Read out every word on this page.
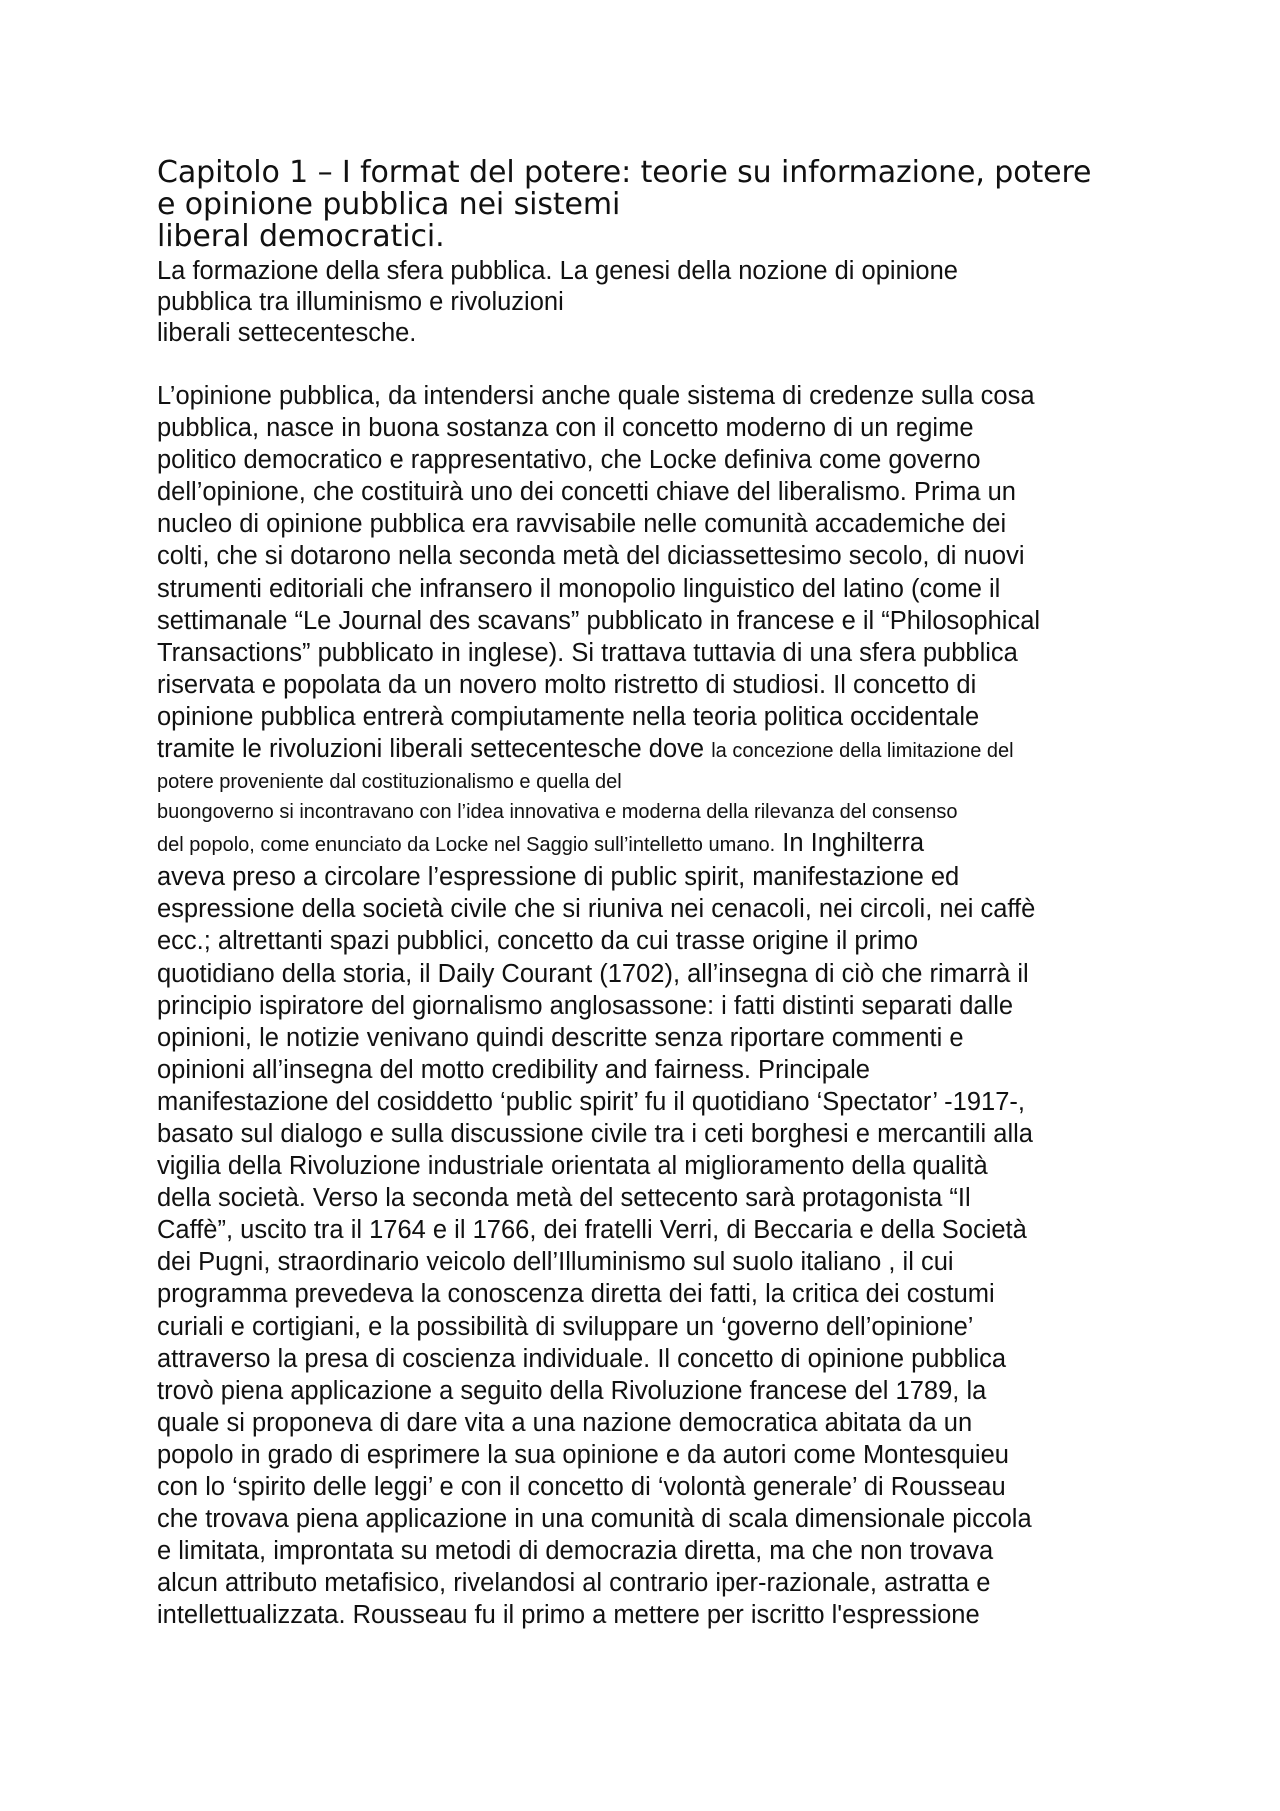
Capitolo 1 – I format del potere: teorie su informazione, potere
e opinione pubblica nei sistemi
liberal democratici.
La formazione della sfera pubblica. La genesi della nozione di opinione
pubblica tra illuminismo e rivoluzioni
liberali settecentesche.

L’opinione pubblica, da intendersi anche quale sistema di credenze sulla cosa
pubblica, nasce in buona sostanza con il concetto moderno di un regime
politico democratico e rappresentativo, che Locke definiva come governo
dell’opinione, che costituirà uno dei concetti chiave del liberalismo. Prima un
nucleo di opinione pubblica era ravvisabile nelle comunità accademiche dei
colti, che si dotarono nella seconda metà del diciassettesimo secolo, di nuovi
strumenti editoriali che infransero il monopolio linguistico del latino (come il
settimanale “Le Journal des scavans” pubblicato in francese e il “Philosophical
Transactions” pubblicato in inglese). Si trattava tuttavia di una sfera pubblica
riservata e popolata da un novero molto ristretto di studiosi. Il concetto di
opinione pubblica entrerà compiutamente nella teoria politica occidentale
tramite le rivoluzioni liberali settecentesche dove la concezione della limitazione del
potere proveniente dal costituzionalismo e quella del
buongoverno si incontravano con l’idea innovativa e moderna della rilevanza del consenso
del popolo, come enunciato da Locke nel Saggio sull’intelletto umano. In Inghilterra
aveva preso a circolare l’espressione di public spirit, manifestazione ed
espressione della società civile che si riuniva nei cenacoli, nei circoli, nei caffè
ecc.; altrettanti spazi pubblici, concetto da cui trasse origine il primo
quotidiano della storia, il Daily Courant (1702), all’insegna di ciò che rimarrà il
principio ispiratore del giornalismo anglosassone: i fatti distinti separati dalle
opinioni, le notizie venivano quindi descritte senza riportare commenti e
opinioni all’insegna del motto credibility and fairness. Principale
manifestazione del cosiddetto ‘public spirit’ fu il quotidiano ‘Spectator’ -1917-,
basato sul dialogo e sulla discussione civile tra i ceti borghesi e mercantili alla
vigilia della Rivoluzione industriale orientata al miglioramento della qualità
della società. Verso la seconda metà del settecento sarà protagonista “Il
Caffè”, uscito tra il 1764 e il 1766, dei fratelli Verri, di Beccaria e della Società
dei Pugni, straordinario veicolo dell’Illuminismo sul suolo italiano , il cui
programma prevedeva la conoscenza diretta dei fatti, la critica dei costumi
curiali e cortigiani, e la possibilità di sviluppare un ‘governo dell’opinione’
attraverso la presa di coscienza individuale. Il concetto di opinione pubblica
trovò piena applicazione a seguito della Rivoluzione francese del 1789, la
quale si proponeva di dare vita a una nazione democratica abitata da un
popolo in grado di esprimere la sua opinione e da autori come Montesquieu
con lo ‘spirito delle leggi’ e con il concetto di ‘volontà generale’ di Rousseau
che trovava piena applicazione in una comunità di scala dimensionale piccola
e limitata, improntata su metodi di democrazia diretta, ma che non trovava
alcun attributo metafisico, rivelandosi al contrario iper-razionale, astratta e
intellettualizzata. Rousseau fu il primo a mettere per iscritto l'espressione
